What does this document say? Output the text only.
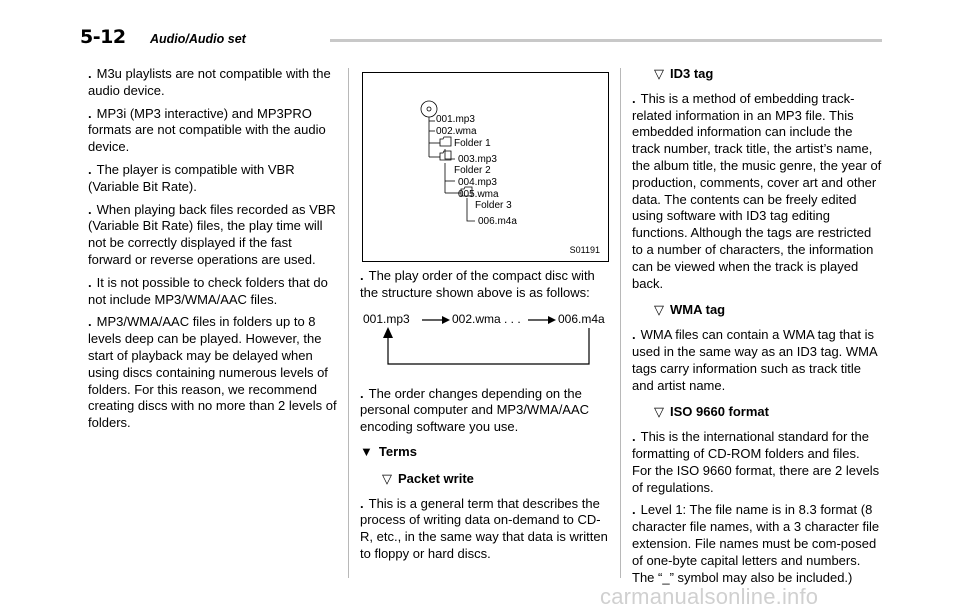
5-12 Audio/Audio set

. M3u playlists are not compatible with the audio device.

. MP3i (MP3 interactive) and MP3PRO formats are not compatible with the audio device.

. The player is compatible with VBR (Variable Bit Rate).

. When playing back files recorded as VBR (Variable Bit Rate) files, the play time will not be correctly displayed if the fast forward or reverse operations are used.

. It is not possible to check folders that do not include MP3/WMA/AAC files.

. MP3/WMA/AAC files in folders up to 8 levels deep can be played. However, the start of playback may be delayed when using discs containing numerous levels of folders. For this reason, we recommend creating discs with no more than 2 levels of folders.

001.mp3
002.wma
Folder 1
003.mp3
Folder 2
004.mp3
005.wma
Folder 3
006.m4a
S01191

. The play order of the compact disc with the structure shown above is as follows:

001.mp3	002.wma . . .	006.m4a

. The order changes depending on the personal computer and MP3/WMA/AAC encoding software you use.

▼ Terms

▽ Packet write

. This is a general term that describes the process of writing data on-demand to CD-R, etc., in the same way that data is written to floppy or hard discs.

▽ ID3 tag

. This is a method of embedding track-related information in an MP3 file. This embedded information can include the track number, track title, the artist’s name, the album title, the music genre, the year of production, comments, cover art and other data. The contents can be freely edited using software with ID3 tag editing functions. Although the tags are restricted to a number of characters, the information can be viewed when the track is played back.

▽ WMA tag

. WMA files can contain a WMA tag that is used in the same way as an ID3 tag. WMA tags carry information such as track title and artist name.

▽ ISO 9660 format

. This is the international standard for the formatting of CD-ROM folders and files. For the ISO 9660 format, there are 2 levels of regulations.

. Level 1: The file name is in 8.3 format (8 character file names, with a 3 character file extension. File names must be com-posed of one-byte capital letters and numbers. The “_” symbol may also be included.)

carmanualsonline.info
